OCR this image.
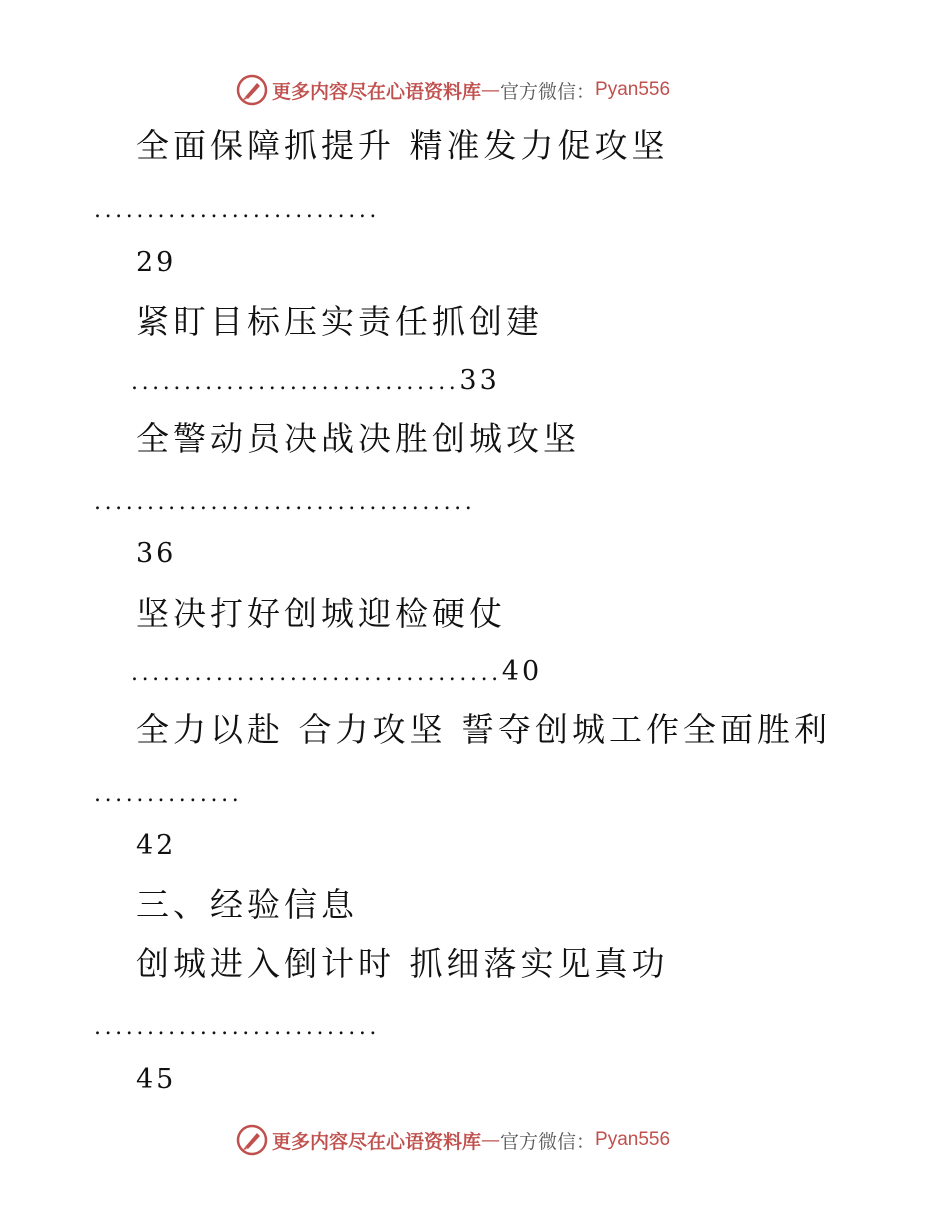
更多内容尽在心语资料库 — 官方微信： Pyan556
全面保障抓提升 精准发力促攻坚
...........................
29
紧盯目标压实责任抓创建
...............................33
全警动员决战决胜创城攻坚
....................................
36
坚决打好创城迎检硬仗
...................................40
全力以赴 合力攻坚 誓夺创城工作全面胜利
..............
42
三、经验信息
创城进入倒计时 抓细落实见真功
...........................
45
更多内容尽在心语资料库 — 官方微信： Pyan556
